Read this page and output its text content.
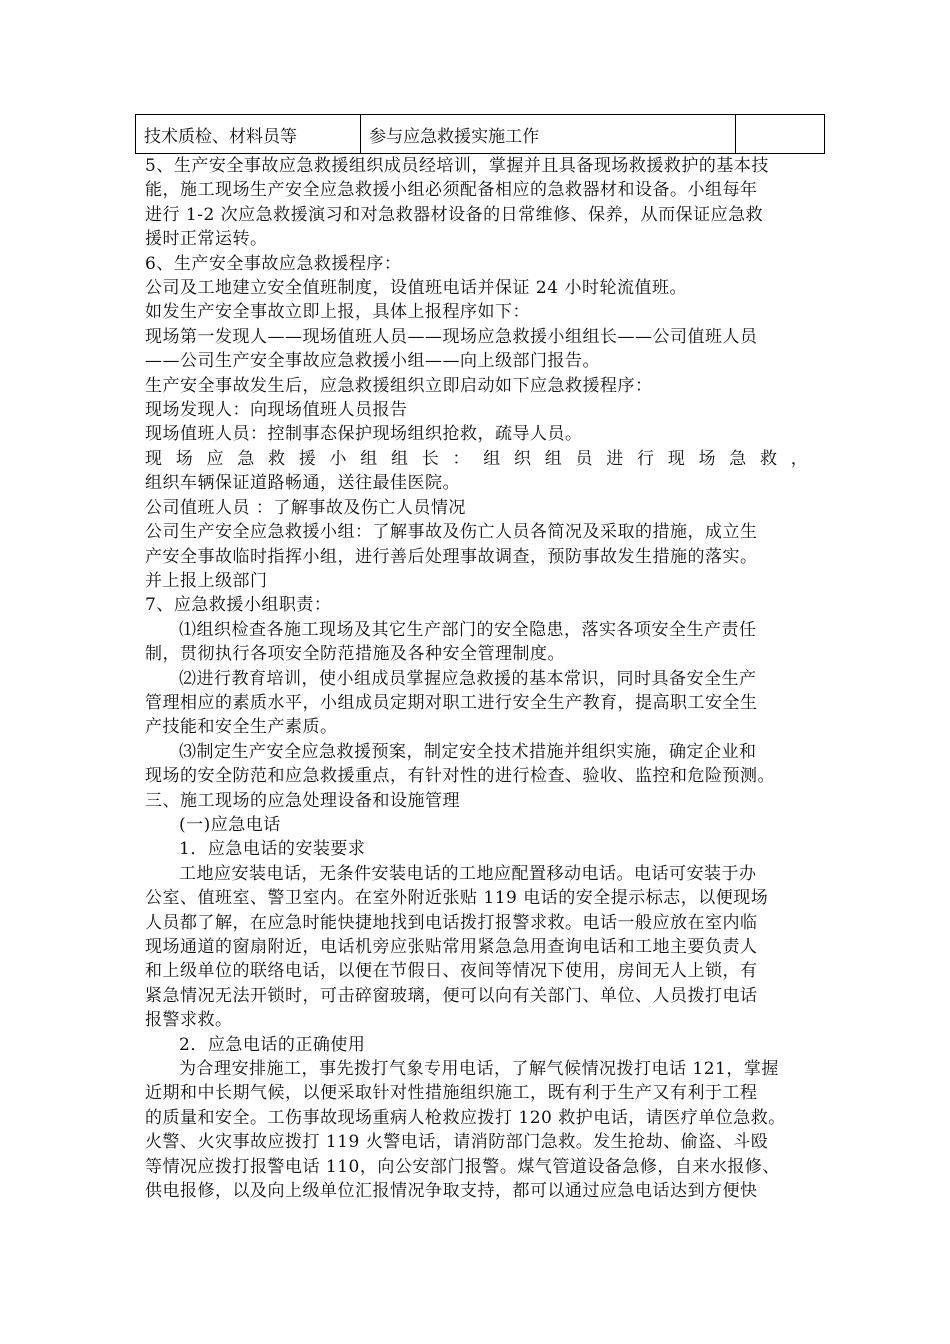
技术质检、材料员等	参与应急救援实施工作	
5、生产安全事故应急救援组织成员经培训，掌握并且具备现场救援救护的基本技
能，施工现场生产安全应急救援小组必须配备相应的急救器材和设备。小组每年
进行 1-2 次应急救援演习和对急救器材设备的日常维修、保养，从而保证应急救
援时正常运转。
6、生产安全事故应急救援程序：
公司及工地建立安全值班制度，设值班电话并保证 24 小时轮流值班。
如发生产安全事故立即上报，具体上报程序如下：
现场第一发现人——现场值班人员——现场应急救援小组组长——公司值班人员
——公司生产安全事故应急救援小组——向上级部门报告。
生产安全事故发生后，应急救援组织立即启动如下应急救援程序：
现场发现人：向现场值班人员报告
现场值班人员：控制事态保护现场组织抢救，疏导人员。
现场应急救援小组组长：组织组员进行现场急救，
组织车辆保证道路畅通，送往最佳医院。
公司值班人员 ：了解事故及伤亡人员情况
公司生产安全应急救援小组：了解事故及伤亡人员各简况及采取的措施，成立生
产安全事故临时指挥小组，进行善后处理事故调查，预防事故发生措施的落实。
并上报上级部门
7、应急救援小组职责：
⑴组织检查各施工现场及其它生产部门的安全隐患，落实各项安全生产责任
制，贯彻执行各项安全防范措施及各种安全管理制度。
⑵进行教育培训，使小组成员掌握应急救援的基本常识，同时具备安全生产
管理相应的素质水平，小组成员定期对职工进行安全生产教育，提高职工安全生
产技能和安全生产素质。
⑶制定生产安全应急救援预案，制定安全技术措施并组织实施，确定企业和
现场的安全防范和应急救援重点，有针对性的进行检查、验收、监控和危险预测。
三、施工现场的应急处理设备和设施管理
(一)应急电话
1．应急电话的安装要求
工地应安装电话，无条件安装电话的工地应配置移动电话。电话可安装于办
公室、值班室、警卫室内。在室外附近张贴 119 电话的安全提示标志，以便现场
人员都了解，在应急时能快捷地找到电话拨打报警求救。电话一般应放在室内临
现场通道的窗扇附近，电话机旁应张贴常用紧急急用查询电话和工地主要负责人
和上级单位的联络电话，以便在节假日、夜间等情况下使用，房间无人上锁，有
紧急情况无法开锁时，可击碎窗玻璃，便可以向有关部门、单位、人员拨打电话
报警求救。
2．应急电话的正确使用
为合理安排施工，事先拨打气象专用电话，了解气候情况拨打电话 121，掌握
近期和中长期气候，以便采取针对性措施组织施工，既有利于生产又有利于工程
的质量和安全。工伤事故现场重病人枪救应拨打 120 救护电话，请医疗单位急救。
火警、火灾事故应拨打 119 火警电话，请消防部门急救。发生抢劫、偷盗、斗殴
等情况应拨打报警电话 110，向公安部门报警。煤气管道设备急修，自来水报修、
供电报修，以及向上级单位汇报情况争取支持，都可以通过应急电话达到方便快
